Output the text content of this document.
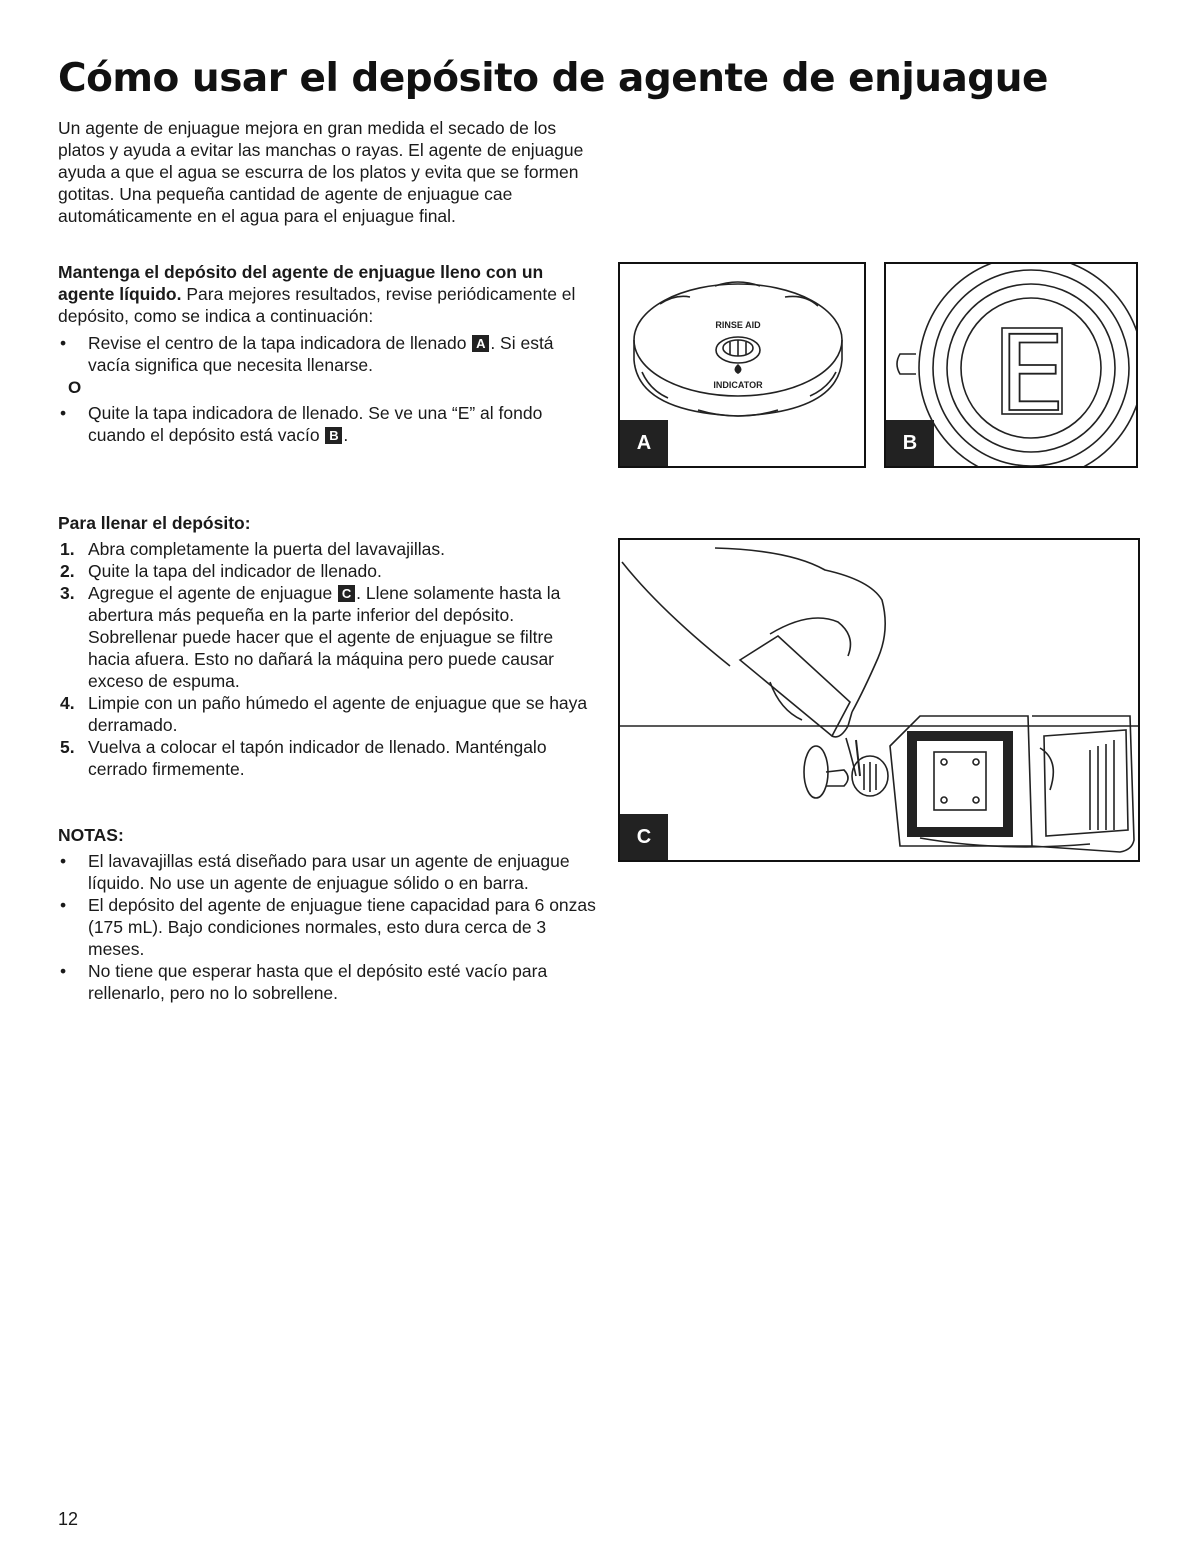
Cómo usar el depósito de agente de enjuague

Un agente de enjuague mejora en gran medida el secado de los platos y ayuda a evitar las manchas o rayas. El agente de enjuague ayuda a que el agua se escurra de los platos y evita que se formen gotitas. Una pequeña cantidad de agente de enjuague cae automáticamente en el agua para el enjuague final.

Mantenga el depósito del agente de enjuague lleno con un agente líquido. Para mejores resultados, revise periódicamente el depósito, como se indica a continuación:

• Revise el centro de la tapa indicadora de llenado A . Si está vacía significa que necesita llenarse.

O

• Quite la tapa indicadora de llenado. Se ve una “E” al fondo cuando el depósito está vacío B .

Para llenar el depósito:

1. Abra completamente la puerta del lavavajillas.

2. Quite la tapa del indicador de llenado.

3. Agregue el agente de enjuague C . Llene solamente hasta la abertura más pequeña en la parte inferior del depósito. Sobrellenar puede hacer que el agente de enjuague se filtre hacia afuera. Esto no dañará la máquina pero puede causar exceso de espuma.

4. Limpie con un paño húmedo el agente de enjuague que se haya derramado.

5. Vuelva a colocar el tapón indicador de llenado. Manténgalo cerrado firmemente.

NOTAS:

• El lavavajillas está diseñado para usar un agente de enjuague líquido. No use un agente de enjuague sólido o en barra.

• El depósito del agente de enjuague tiene capacidad para 6 onzas (175 mL). Bajo condiciones normales, esto dura cerca de 3 meses.

• No tiene que esperar hasta que el depósito esté vacío para rellenarlo, pero no lo sobrellene.

RINSE AID
INDICATOR
A
E
B
C
12
